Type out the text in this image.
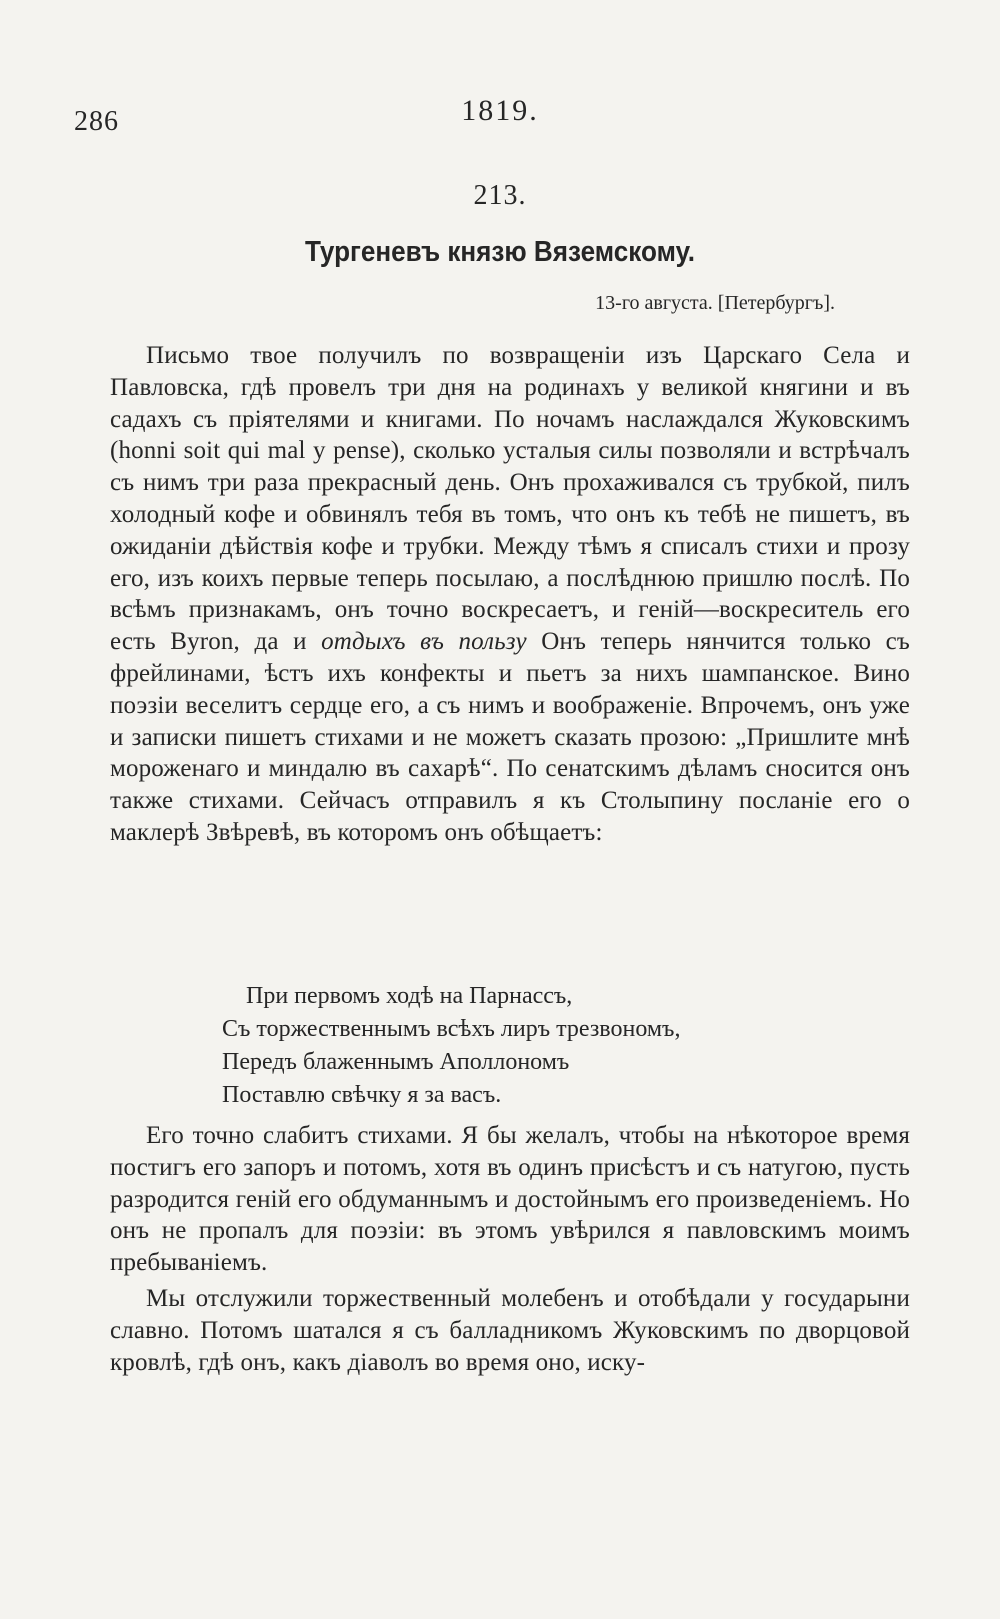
286	1819.
213.
Тургеневъ князю Вяземскому.
13-го августа. [Петербургъ].

Письмо твое получилъ по возвращеніи изъ Царскаго Села и Павловска, гдѣ провелъ три дня на родинахъ у великой княгини и въ садахъ съ пріятелями и книгами. По ночамъ наслаждался Жуковскимъ (honni soit qui mal y pense), сколько усталыя силы позволяли и встрѣчалъ съ нимъ три раза прекрасный день. Онъ прохаживался съ трубкой, пилъ холодный кофе и обвинялъ тебя въ томъ, что онъ къ тебѣ не пишетъ, въ ожиданіи дѣйствія кофе и трубки. Между тѣмъ я списалъ стихи и прозу его, изъ коихъ первые теперь посылаю, а послѣднюю пришлю послѣ. По всѣмъ признакамъ, онъ точно воскресаетъ, и геній—воскреситель его есть Byron, да и отдыхъ въ пользу Онъ теперь нянчится только съ фрейлинами, ѣстъ ихъ конфекты и пьетъ за нихъ шампанское. Вино поэзіи веселитъ сердце его, а съ нимъ и воображеніе. Впрочемъ, онъ уже и записки пишетъ стихами и не можетъ сказать прозою: „Пришлите мнѣ мороженаго и миндалю въ сахарѣ“. По сенатскимъ дѣламъ сносится онъ также стихами. Сейчасъ отправилъ я къ Столыпину посланіе его о маклерѣ Звѣревѣ, въ которомъ онъ обѣщаетъ:

При первомъ ходѣ на Парнассъ,
Съ торжественнымъ всѣхъ лиръ трезвономъ,
Передъ блаженнымъ Аполлономъ
Поставлю свѣчку я за васъ.

Его точно слабитъ стихами. Я бы желалъ, чтобы на нѣкоторое время постигъ его запоръ и потомъ, хотя въ одинъ присѣстъ и съ натугою, пусть разродится геній его обдуманнымъ и достойнымъ его произведеніемъ. Но онъ не пропалъ для поэзіи: въ этомъ увѣрился я павловскимъ моимъ пребываніемъ.

Мы отслужили торжественный молебенъ и отобѣдали у государыни славно. Потомъ шатался я съ балладникомъ Жуковскимъ по дворцовой кровлѣ, гдѣ онъ, какъ діаволъ во время оно, иску-
